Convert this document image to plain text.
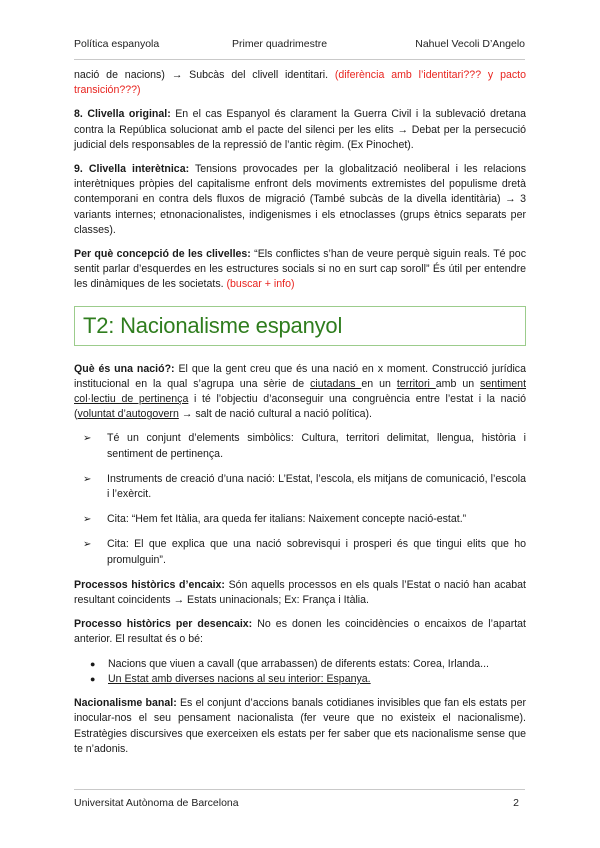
Política espanyola	Primer quadrimestre	Nahuel Vecoli D’Angelo

nació de nacions) → Subcàs del clivell identitari. (diferència amb l’identitari??? y pacto transición???)

8. Clivella original: En el cas Espanyol és clarament la Guerra Civil i la sublevació dretana contra la República solucionat amb el pacte del silenci per les elits → Debat per la persecució judicial dels responsables de la repressió de l’antic règim. (Ex Pinochet).

9. Clivella interètnica: Tensions provocades per la globalització neoliberal i les relacions interètniques pròpies del capitalisme enfront dels moviments extremistes del populisme dretà contemporani en contra dels fluxos de migració (També subcàs de la divella identitària) → 3 variants internes; etnonacionalistes, indigenismes i els etnoclasses (grups ètnics separats per classes).

Per què concepció de les clivelles: “Els conflictes s’han de veure perquè siguin reals. Té poc sentit parlar d’esquerdes en les estructures socials si no en surt cap soroll” És útil per entendre les dinàmiques de les societats. (buscar + info)

T2: Nacionalisme espanyol

Què és una nació?: El que la gent creu que és una nació en x moment. Construcció jurídica institucional en la qual s’agrupa una sèrie de ciutadans en un territori amb un sentiment col·lectiu de pertinença i té l’objectiu d’aconseguir una congruència entre l’estat i la nació (voluntat d’autogovern → salt de nació cultural a nació política).

➢ Té un conjunt d’elements simbòlics: Cultura, territori delimitat, llengua, història i sentiment de pertinença.
➢ Instruments de creació d’una nació: L’Estat, l’escola, els mitjans de comunicació, l’escola i l’exèrcit.
➢ Cita: “Hem fet Itàlia, ara queda fer italians: Naixement concepte nació-estat.”
➢ Cita: El que explica que una nació sobrevisqui i prosperi és que tingui elits que ho promulguin”.

Processos històrics d’encaix: Són aquells processos en els quals l’Estat o nació han acabat resultant coincidents → Estats uninacionals; Ex: França i Itàlia.

Processo històrics per desencaix: No es donen les coincidències o encaixos de l’apartat anterior. El resultat és o bé:

● Nacions que viuen a cavall (que arrabassen) de diferents estats: Corea, Irlanda...
● Un Estat amb diverses nacions al seu interior: Espanya.

Nacionalisme banal: Es el conjunt d’accions banals cotidianes invisibles que fan els estats per inocular-nos el seu pensament nacionalista (fer veure que no existeix el nacionalisme). Estratègies discursives que exerceixen els estats per fer saber que ets nacionalisme sense que te n’adonis.

Universitat Autònoma de Barcelona	2
